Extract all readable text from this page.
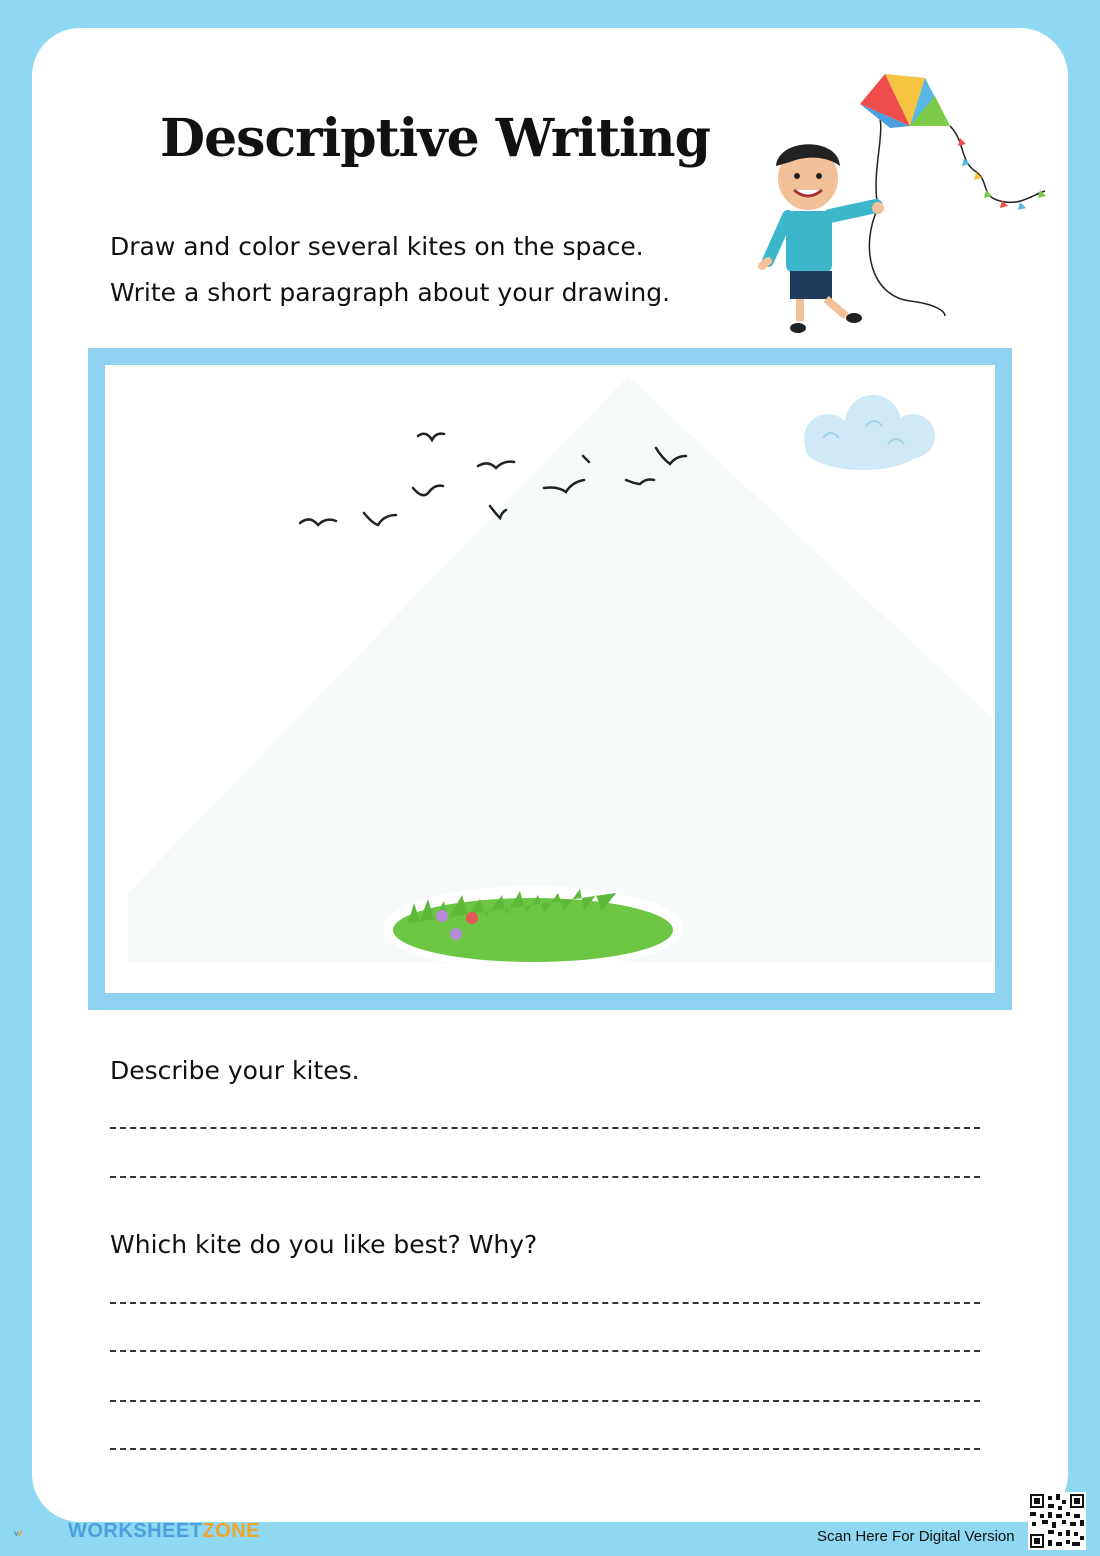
Descriptive Writing
Draw and color several kites on the space.
Write a short paragraph about your drawing.
Describe your kites.
Which kite do you like best? Why?
WORKSHEETZONE	Scan Here For Digital Version
